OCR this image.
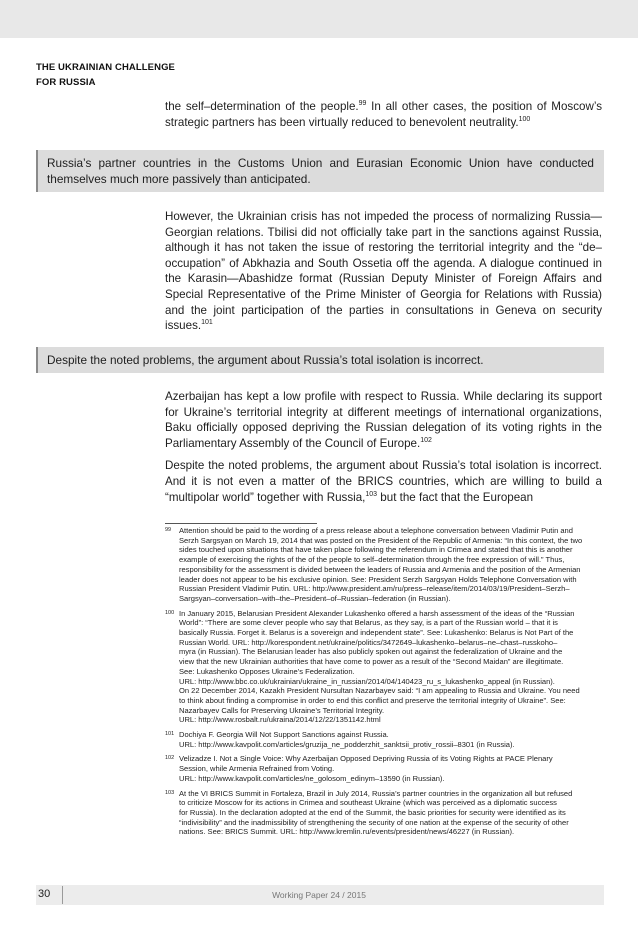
THE UKRAINIAN CHALLENGE
FOR RUSSIA

the self–determination of the people.$^{99}$ In all other cases, the position of Moscow’s strategic partners has been virtually reduced to benevolent neutrality.$^{100}$

Russia’s partner countries in the Customs Union and Eurasian Economic Union have conducted themselves much more passively than anticipated.

However, the Ukrainian crisis has not impeded the process of normalizing Russia—Georgian relations. Tbilisi did not officially take part in the sanctions against Russia, although it has not taken the issue of restoring the territorial integrity and the “de–occupation” of Abkhazia and South Ossetia off the agenda. A dialogue continued in the Karasin—Abashidze format (Russian Deputy Minister of Foreign Affairs and Special Representative of the Prime Minister of Georgia for Relations with Russia) and the joint participation of the parties in consultations in Geneva on security issues.$^{101}$

Despite the noted problems, the argument about Russia’s total isolation is incorrect.

Azerbaijan has kept a low profile with respect to Russia. While declaring its support for Ukraine’s territorial integrity at different meetings of international organizations, Baku officially opposed depriving the Russian delegation of its voting rights in the Parliamentary Assembly of the Council of Europe.$^{102}$

Despite the noted problems, the argument about Russia’s total isolation is incorrect. And it is not even a matter of the BRICS countries, which are willing to build a “multipolar world” together with Russia,$^{103}$ but the fact that the European

99 Attention should be paid to the wording of a press release about a telephone conversation between Vladimir Putin and
Serzh Sargsyan on March 19, 2014 that was posted on the President of the Republic of Armenia: “In this context, the two
sides touched upon situations that have taken place following the referendum in Crimea and stated that this is another
example of exercising the rights of the of the people to self–determination through the free expression of will.” Thus,
responsibility for the assessment is divided between the leaders of Russia and Armenia and the position of the Armenian
leader does not appear to be his exclusive opinion. See: President Serzh Sargsyan Holds Telephone Conversation with
Russian President Vladimir Putin. URL: http://www.president.am/ru/press–release/item/2014/03/19/President–Serzh–
Sargsyan–conversation–with–the–President–of–Russian–federation (in Russian).
100 In January 2015, Belarusian President Alexander Lukashenko offered a harsh assessment of the ideas of the “Russian
World”: “There are some clever people who say that Belarus, as they say, is a part of the Russian world – that it is
basically Russia. Forget it. Belarus is a sovereign and independent state”. See: Lukashenko: Belarus is Not Part of the
Russian World. URL: http://korespondent.net/ukraine/politics/3472649–lukashenko–belarus–ne–chast–russkoho–
myra (in Russian). The Belarusian leader has also publicly spoken out against the federalization of Ukraine and the
view that the new Ukrainian authorities that have come to power as a result of the “Second Maidan” are illegitimate.
See: Lukashenko Opposes Ukraine’s Federalization.
URL: http://www.bbc.co.uk/ukrainian/ukraine_in_russian/2014/04/140423_ru_s_lukashenko_appeal (in Russian).
On 22 December 2014, Kazakh President Nursultan Nazarbayev said: “I am appealing to Russia and Ukraine. You need
to think about finding a compromise in order to end this conflict and preserve the territorial integrity of Ukraine”. See:
Nazarbayev Calls for Preserving Ukraine’s Territorial Integrity.
URL: http://www.rosbalt.ru/ukraina/2014/12/22/1351142.html
101 Dochiya F. Georgia Will Not Support Sanctions against Russia.
URL: http://www.kavpolit.com/articles/gruzija_ne_podderzhit_sanktsii_protiv_rossii–8301 (in Russia).
102 Velizadze I. Not a Single Voice: Why Azerbaijan Opposed Depriving Russia of its Voting Rights at PACE Plenary
Session, while Armenia Refrained from Voting.
URL: http://www.kavpolit.com/articles/ne_golosom_edinym–13590 (in Russian).
103 At the VI BRICS Summit in Fortaleza, Brazil in July 2014, Russia’s partner countries in the organization all but refused
to criticize Moscow for its actions in Crimea and southeast Ukraine (which was perceived as a diplomatic success
for Russia). In the declaration adopted at the end of the Summit, the basic priorities for security were identified as its
“indivisibility” and the inadmissibility of strengthening the security of one nation at the expense of the security of other
nations. See: BRICS Summit. URL: http://www.kremlin.ru/events/president/news/46227 (in Russian).
30	Working Paper 24 / 2015
